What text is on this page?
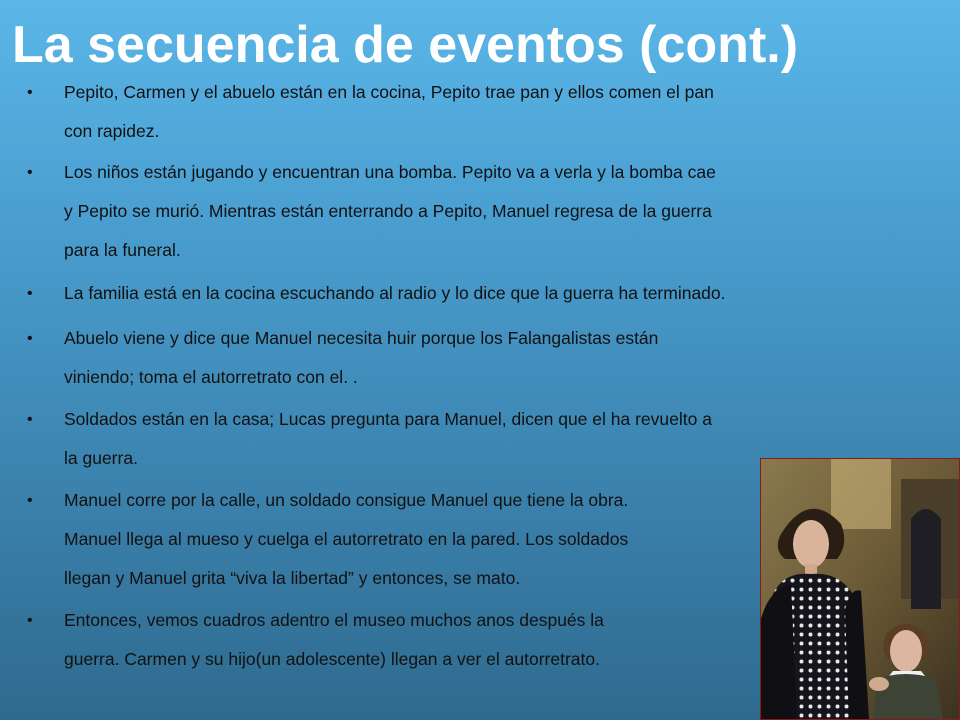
La secuencia de eventos (cont.)
• Pepito, Carmen y el abuelo están en la cocina, Pepito trae pan y ellos comen el pan
con rapidez.
• Los niños están jugando y encuentran una bomba. Pepito va a verla y la bomba cae
y Pepito se murió. Mientras están enterrando a Pepito, Manuel regresa de la guerra
para la funeral.
• La familia está en la cocina escuchando al radio y lo dice que la guerra ha terminado.
• Abuelo viene y dice que Manuel necesita huir porque los Falangalistas están
viniendo; toma el autorretrato con el. .
• Soldados están en la casa; Lucas pregunta para Manuel, dicen que el ha revuelto a
la guerra.
• Manuel corre por la calle, un soldado consigue Manuel que tiene la obra.
Manuel llega al mueso y cuelga el autorretrato en la pared. Los soldados
llegan y Manuel grita “viva la libertad” y entonces, se mato.
• Entonces, vemos cuadros adentro el museo muchos anos después la
guerra. Carmen y su hijo(un adolescente) llegan a ver el autorretrato.
